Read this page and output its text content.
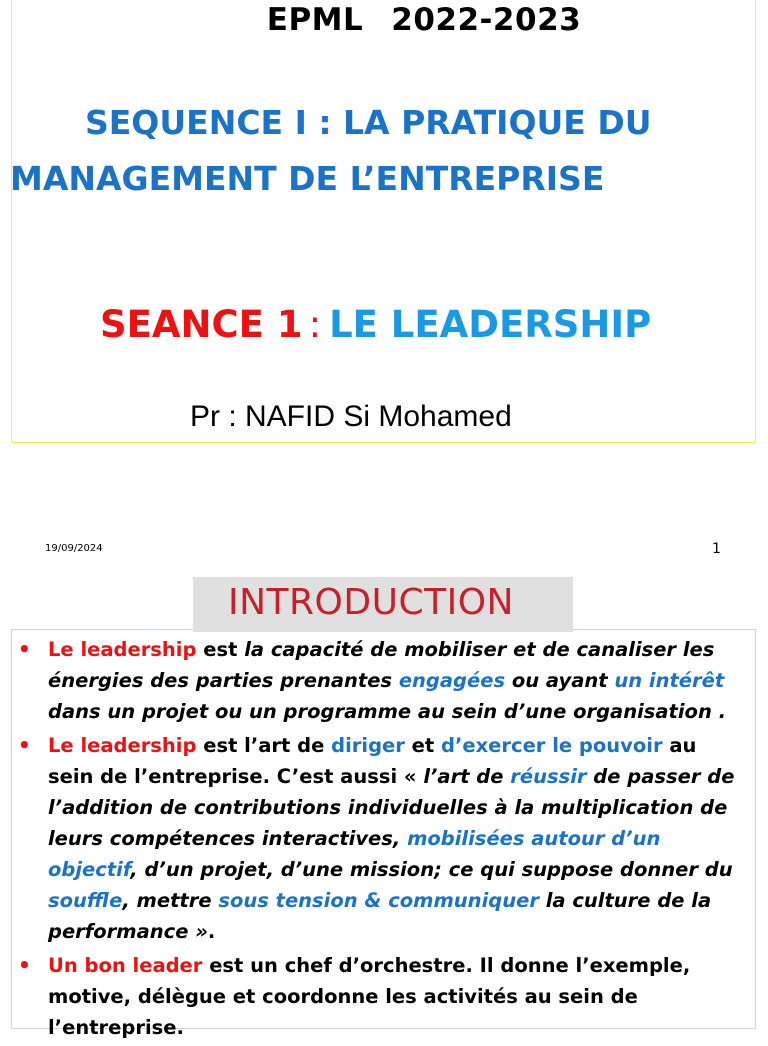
EPML 2022-2023
SEQUENCE I : LA PRATIQUE DU MANAGEMENT DE L’ENTREPRISE
SEANCE 1 : LE LEADERSHIP
Pr : NAFID Si Mohamed
19/09/2024	1
INTRODUCTION
• Le leadership est la capacité de mobiliser et de canaliser les énergies des parties prenantes engagées ou ayant un intérêt dans un projet ou un programme au sein d’une organisation .
• Le leadership est l’art de diriger et d’exercer le pouvoir au sein de l’entreprise. C’est aussi « l’art de réussir de passer de l’addition de contributions individuelles à la multiplication de leurs compétences interactives, mobilisées autour d’un objectif, d’un projet, d’une mission; ce qui suppose donner du souffle, mettre sous tension & communiquer la culture de la performance ».
• Un bon leader est un chef d’orchestre. Il donne l’exemple, motive, délègue et coordonne les activités au sein de l’entreprise.
